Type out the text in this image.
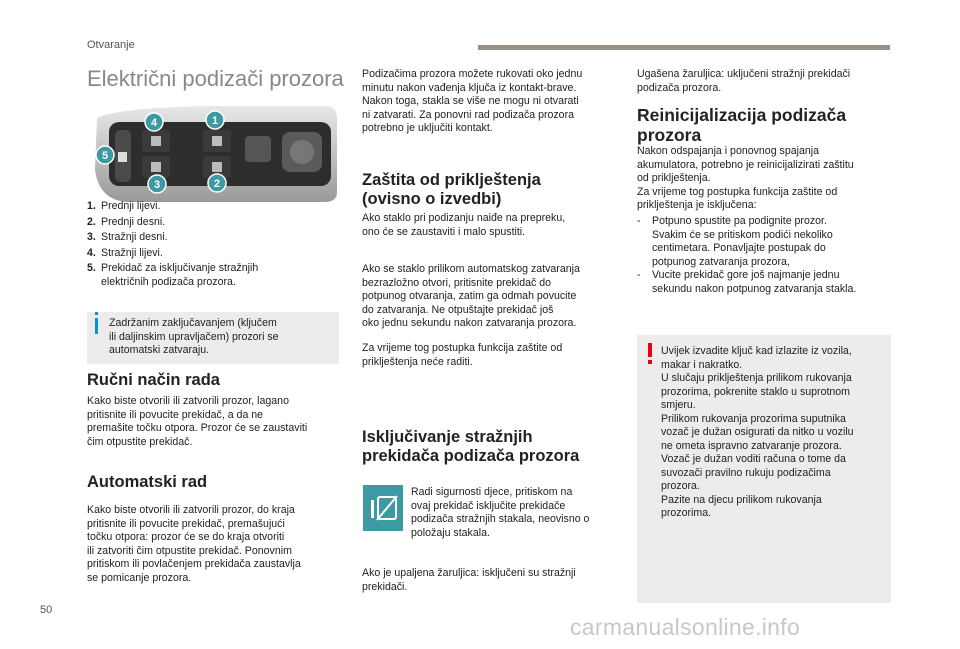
Otvaranje
Električni podizači prozora
4	1
5
3	2
1. Prednji lijevi.
2. Prednji desni.
3. Stražnji desni.
4. Stražnji lijevi.
5. Prekidač za isključivanje stražnjih
električnih podizača prozora.
Zadržanim zaključavanjem (ključem
ili daljinskim upravljačem) prozori se
automatski zatvaraju.
Ručni način rada
Kako biste otvorili ili zatvorili prozor, lagano
pritisnite ili povucite prekidač, a da ne
premašite točku otpora. Prozor će se zaustaviti
čim otpustite prekidač.
Automatski rad
Kako biste otvorili ili zatvorili prozor, do kraja
pritisnite ili povucite prekidač, premašujući
točku otpora: prozor će se do kraja otvoriti
ili zatvoriti čim otpustite prekidač. Ponovnim
pritiskom ili povlačenjem prekidača zaustavlja
se pomicanje prozora.
Podizačima prozora možete rukovati oko jednu
minutu nakon vađenja ključa iz kontakt-brave.
Nakon toga, stakla se više ne mogu ni otvarati
ni zatvarati. Za ponovni rad podizača prozora
potrebno je uključiti kontakt.
Zaštita od priklještenja
(ovisno o izvedbi)
Ako staklo pri podizanju naiđe na prepreku,
ono će se zaustaviti i malo spustiti.
Ako se staklo prilikom automatskog zatvaranja
bezrazložno otvori, pritisnite prekidač do
potpunog otvaranja, zatim ga odmah povucite
do zatvaranja. Ne otpuštajte prekidač još
oko jednu sekundu nakon zatvaranja prozora.
Za vrijeme tog postupka funkcija zaštite od
priklještenja neće raditi.
Isključivanje stražnjih
prekidača podizača prozora
Radi sigurnosti djece, pritiskom na
ovaj prekidač isključite prekidače
podizača stražnjih stakala, neovisno o
položaju stakala.
Ako je upaljena žaruljica: isključeni su stražnji
prekidači.
Ugašena žaruljica: uključeni stražnji prekidači
podizača prozora.
Reinicijalizacija podizača
prozora
Nakon odspajanja i ponovnog spajanja
akumulatora, potrebno je reinicijalizirati zaštitu
od priklještenja.
Za vrijeme tog postupka funkcija zaštite od
priklještenja je isključena:
-	Potpuno spustite pa podignite prozor.
Svakim će se pritiskom podići nekoliko
centimetara. Ponavljajte postupak do
potpunog zatvaranja prozora,
-	Vucite prekidač gore još najmanje jednu
sekundu nakon potpunog zatvaranja stakla.
Uvijek izvadite ključ kad izlazite iz vozila,
makar i nakratko.
U slučaju priklještenja prilikom rukovanja
prozorima, pokrenite staklo u suprotnom
smjeru.
Prilikom rukovanja prozorima suputnika
vozač je dužan osigurati da nitko u vozilu
ne ometa ispravno zatvaranje prozora.
Vozač je dužan voditi računa o tome da
suvozači pravilno rukuju podizačima
prozora.
Pazite na djecu prilikom rukovanja
prozorima.
50
carmanualsonline.info
